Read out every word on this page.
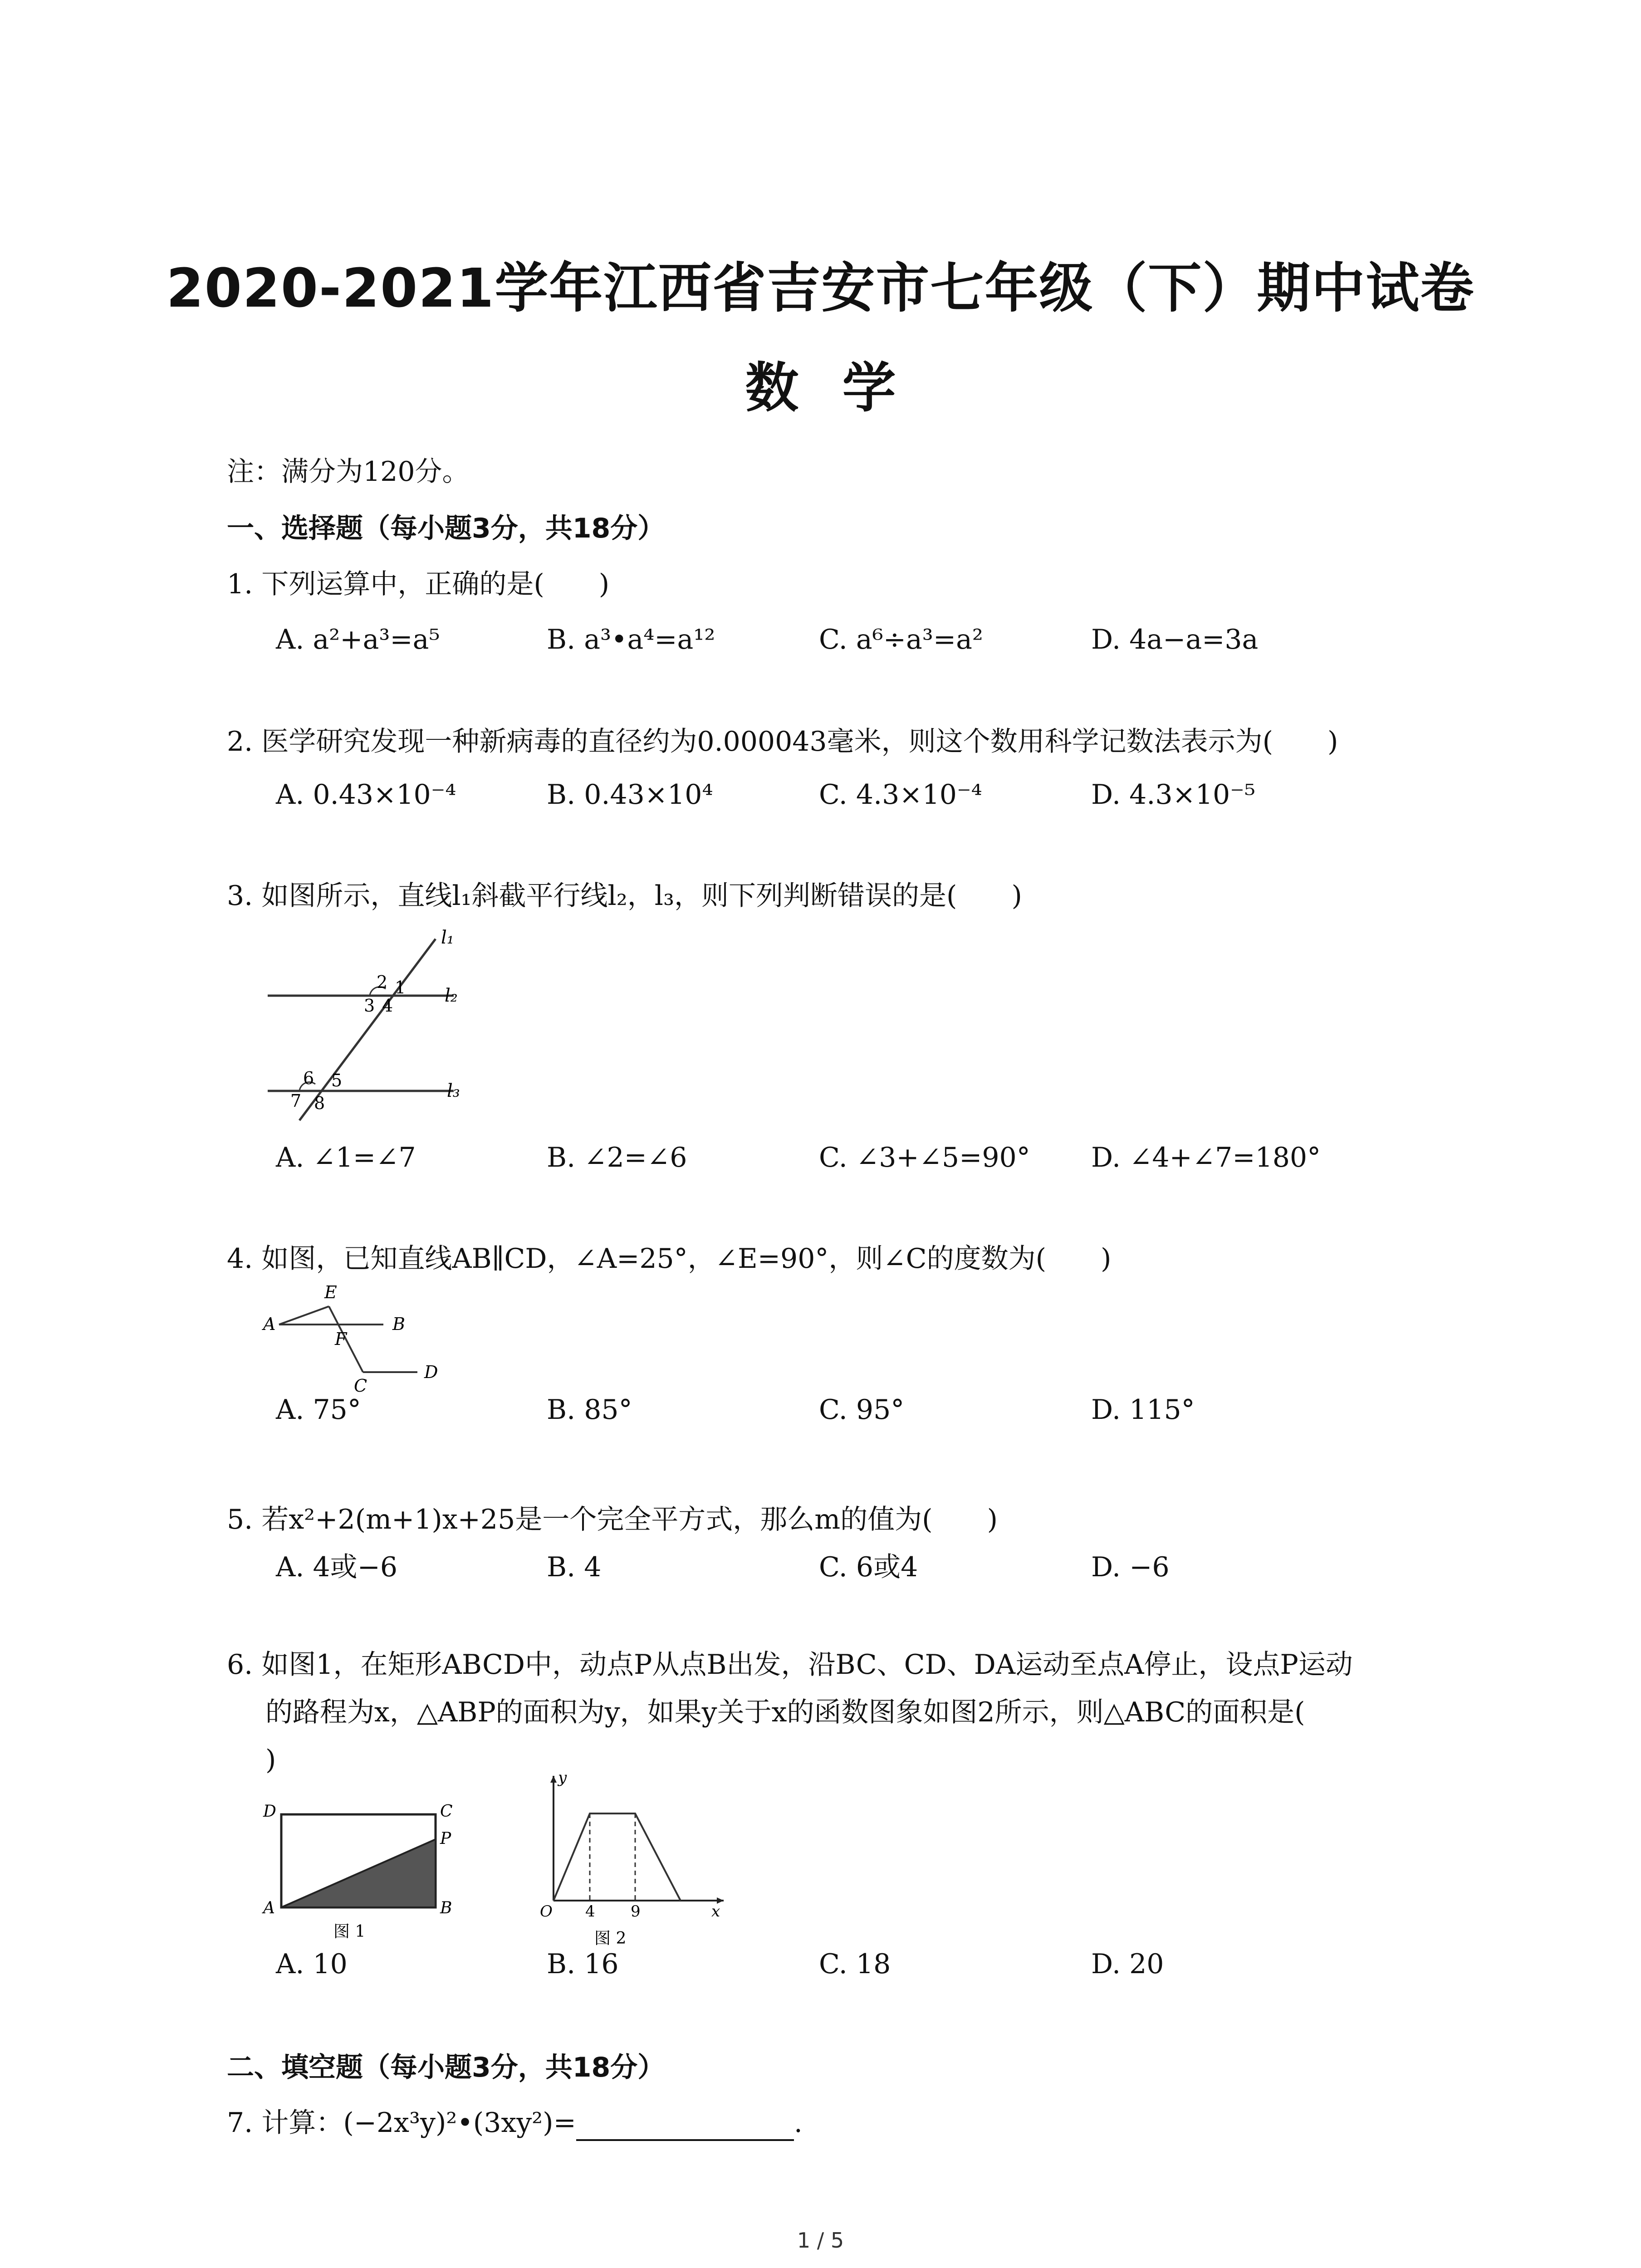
2020-2021学年江西省吉安市七年级（下）期中试卷
数学
注：满分为120分。
一、选择题（每小题3分，共18分）
1. 下列运算中，正确的是(　　)
A. a²+a³=a⁵	B. a³•a⁴=a¹²	C. a⁶÷a³=a²	D. 4a−a=3a
2. 医学研究发现一种新病毒的直径约为0.000043毫米，则这个数用科学记数法表示为(　　)
A. 0.43×10⁻⁴	B. 0.43×10⁴	C. 4.3×10⁻⁴	D. 4.3×10⁻⁵
3. 如图所示，直线l₁斜截平行线l₂，l₃，则下列判断错误的是(　　)
l₁
l₂
l₃
1
2
3 4
5
6
7 8
A. ∠1=∠7	B. ∠2=∠6	C. ∠3+∠5=90° D. ∠4+∠7=180°
4. 如图，已知直线AB∥CD，∠A=25°，∠E=90°，则∠C的度数为(　　)
E
A	B
F
C
D
A. 75°	B. 85°	C. 95°	D. 115°
5. 若x²+2(m+1)x+25是一个完全平方式，那么m的值为(　　)
A. 4或−6	B. 4	C. 6或4	D. −6
6. 如图1，在矩形ABCD中，动点P从点B出发，沿BC、CD、DA运动至点A停止，设点P运动
的路程为x，△ABP的面积为y，如果y关于x的函数图象如图2所示，则△ABC的面积是(
)
D	C
P
A	B
图 1
y
x
O 4 9
图 2
A. 10	B. 16	C. 18	D. 20
二、填空题（每小题3分，共18分）
7. 计算：(−2x³y)²•(3xy²)=	.
1 / 5
